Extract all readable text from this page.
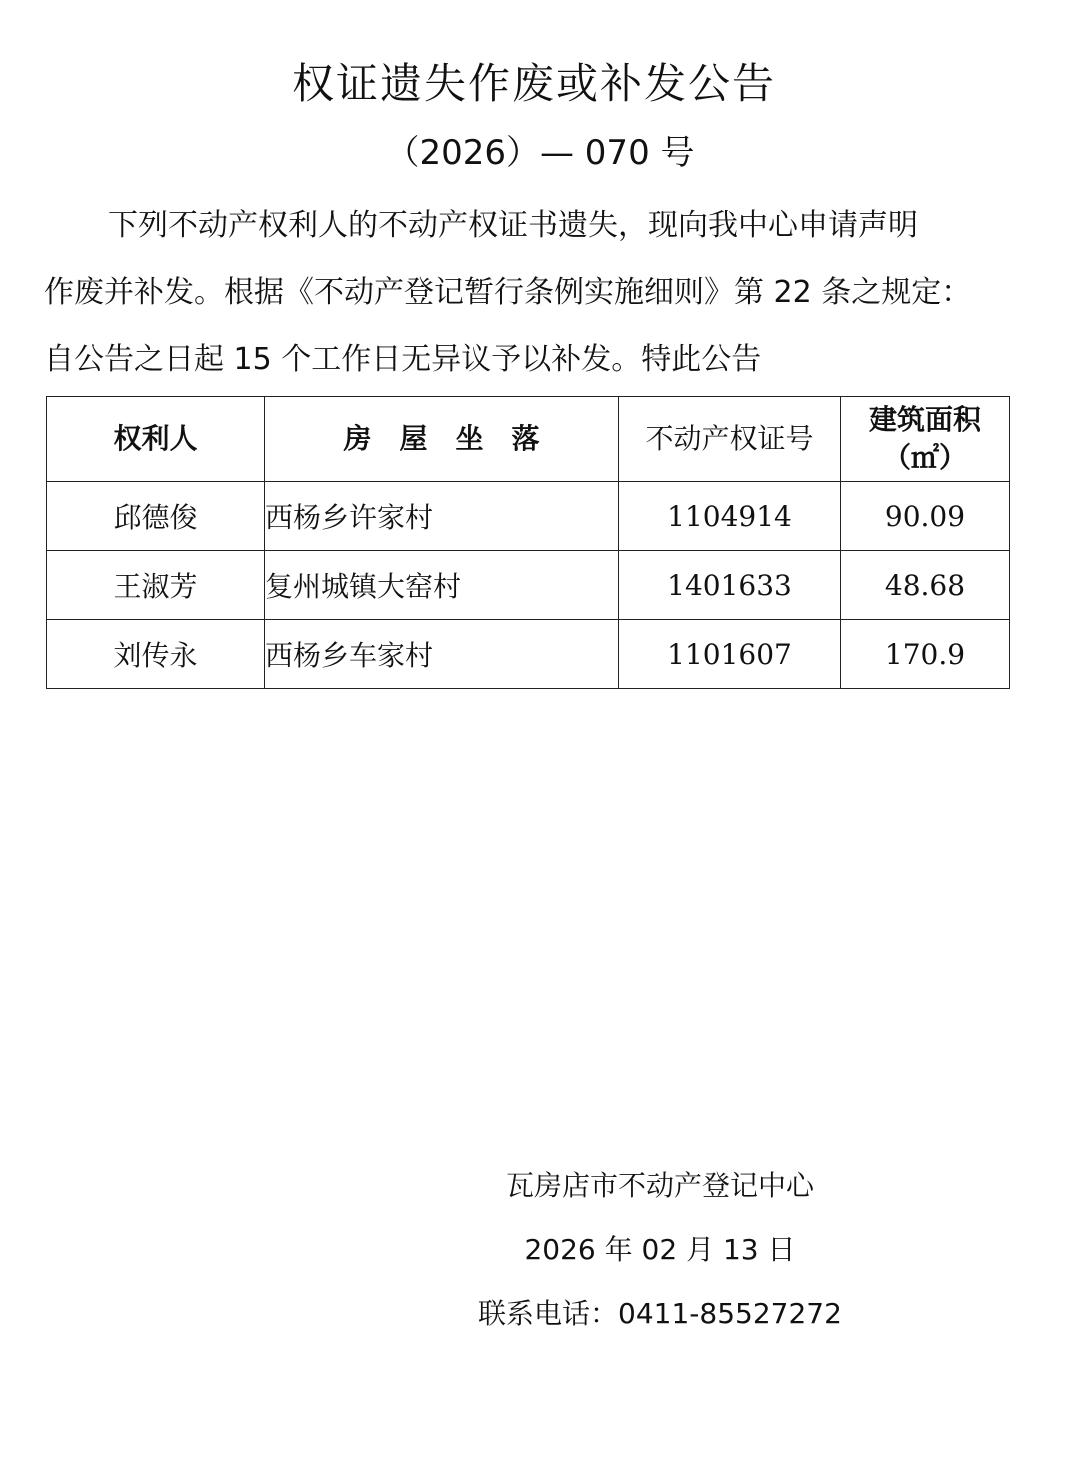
权证遗失作废或补发公告
（2026）— 070 号
下列不动产权利人的不动产权证书遗失，现向我中心申请声明
作废并补发。根据《不动产登记暂行条例实施细则》第 22 条之规定：
自公告之日起 15 个工作日无异议予以补发。特此公告
权利人	房屋坐落	不动产权证号	建筑面积
（㎡）

邱德俊	西杨乡许家村	1104914	90.09
王淑芳	复州城镇大窑村	1401633	48.68
刘传永	西杨乡车家村	1101607	170.9
瓦房店市不动产登记中心
2026 年 02 月 13 日
联系电话：0411-85527272
